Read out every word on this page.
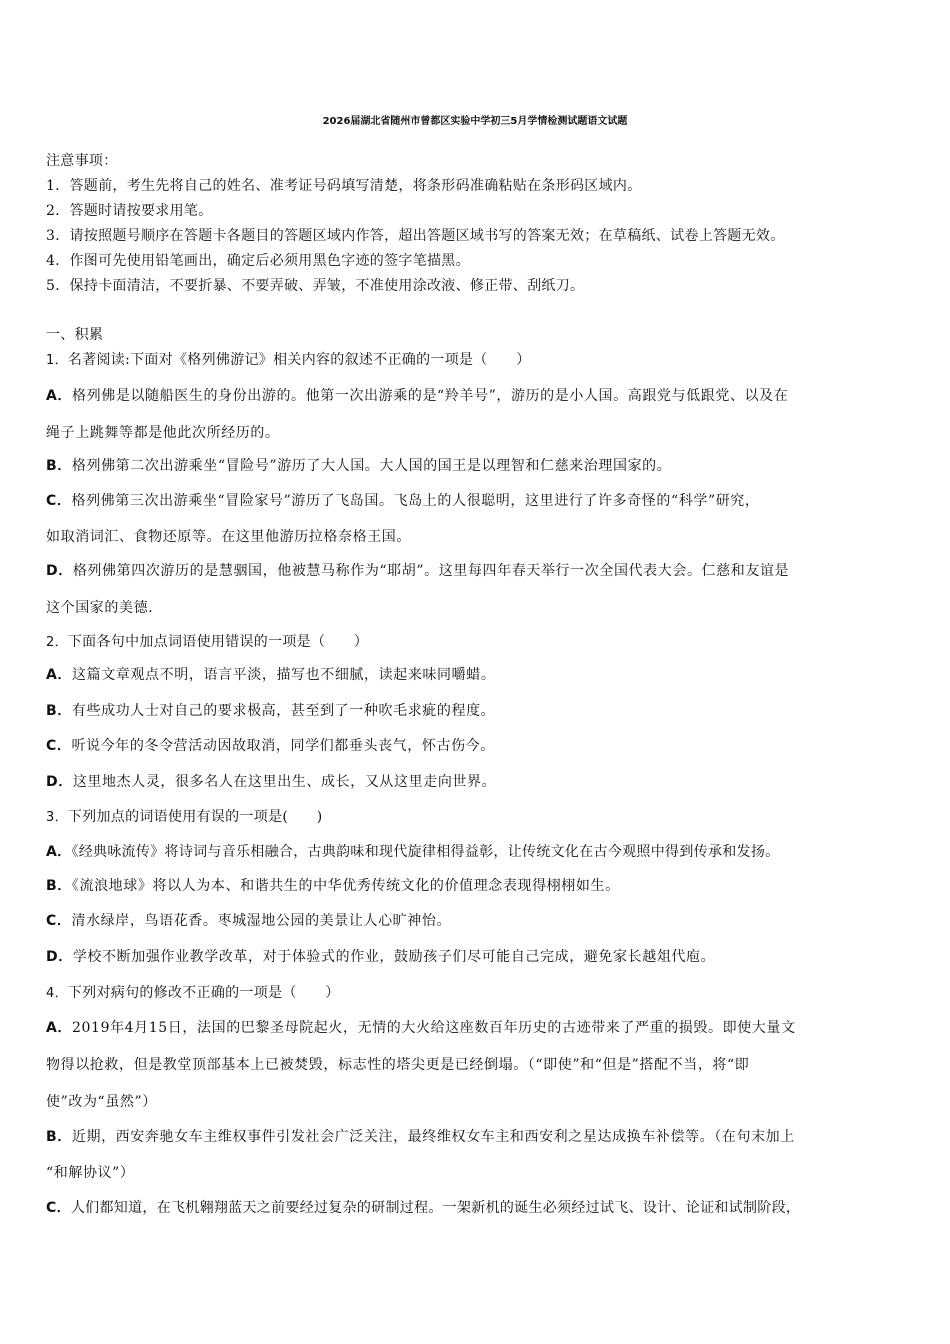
2026届湖北省随州市曾都区实验中学初三5月学情检测试题语文试题
注意事项：
1．答题前，考生先将自己的姓名、准考证号码填写清楚，将条形码准确粘贴在条形码区域内。
2．答题时请按要求用笔。
3．请按照题号顺序在答题卡各题目的答题区域内作答，超出答题区域书写的答案无效；在草稿纸、试卷上答题无效。
4．作图可先使用铅笔画出，确定后必须用黑色字迹的签字笔描黑。
5．保持卡面清洁，不要折暴、不要弄破、弄皱，不准使用涂改液、修正带、刮纸刀。
一、积累
1．名著阅读:下面对《格列佛游记》相关内容的叙述不正确的一项是（　　）
A．格列佛是以随船医生的身份出游的。他第一次出游乘的是“羚羊号”，游历的是小人国。高跟党与低跟党、以及在
绳子上跳舞等都是他此次所经历的。
B．格列佛第二次出游乘坐“冒险号”游历了大人国。大人国的国王是以理智和仁慈来治理国家的。
C．格列佛第三次出游乘坐“冒险家号”游历了飞岛国。飞岛上的人很聪明，这里进行了许多奇怪的“科学”研究，
如取消词汇、食物还原等。在这里他游历拉格奈格王国。
D．格列佛第四次游历的是慧骃国，他被慧马称作为“耶胡”。这里每四年春天举行一次全国代表大会。仁慈和友谊是
这个国家的美德.
2．下面各句中加点词语使用错误的一项是（　　）
A．这篇文章观点不明，语言平淡，描写也不细腻，读起来味同嚼蜡。
B．有些成功人士对自己的要求极高，甚至到了一种吹毛求疵的程度。
C．听说今年的冬令营活动因故取消，同学们都垂头丧气，怀古伤今。
D．这里地杰人灵，很多名人在这里出生、成长，又从这里走向世界。
3．下列加点的词语使用有误的一项是(　　)
A．《经典咏流传》将诗词与音乐相融合，古典韵味和现代旋律相得益彰，让传统文化在古今观照中得到传承和发扬。
B．《流浪地球》将以人为本、和谐共生的中华优秀传统文化的价值理念表现得栩栩如生。
C．清水绿岸，鸟语花香。枣城湿地公园的美景让人心旷神怡。
D．学校不断加强作业教学改革，对于体验式的作业，鼓励孩子们尽可能自己完成，避免家长越俎代庖。
4．下列对病句的修改不正确的一项是（　　）
A．2019年4月15日，法国的巴黎圣母院起火，无情的大火给这座数百年历史的古迹带来了严重的损毁。即使大量文
物得以抢救，但是教堂顶部基本上已被焚毁，标志性的塔尖更是已经倒塌。（“即使”和“但是”搭配不当，将“即
使”改为“虽然”）
B．近期，西安奔驰女车主维权事件引发社会广泛关注，最终维权女车主和西安利之星达成换车补偿等。（在句末加上
“和解协议”）
C．人们都知道，在飞机翱翔蓝天之前要经过复杂的研制过程。一架新机的诞生必须经过试飞、设计、论证和试制阶段，
